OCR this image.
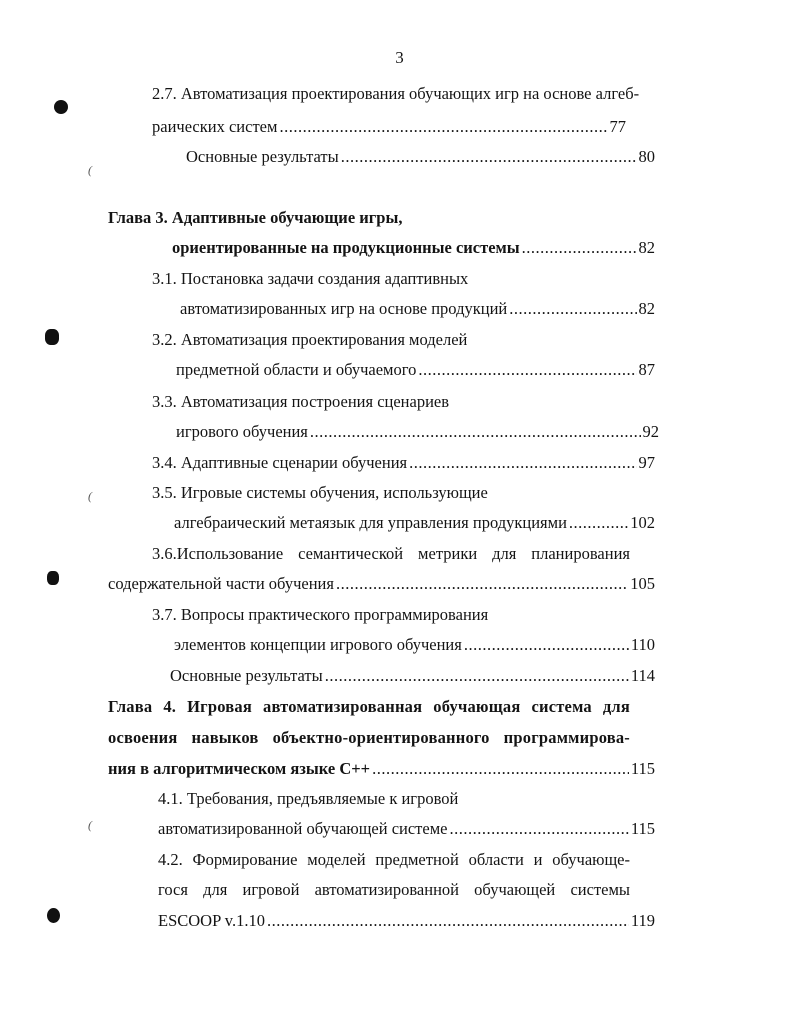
3
2.7. Автоматизация проектирования обучающих игр на основе алгеб-
раических систем .....	77
Основные результаты .....	80
Глава 3. Адаптивные обучающие игры,
ориентированные на продукционные системы .....	82
3.1. Постановка задачи создания адаптивных
автоматизированных игр на основе продукций .....	82
3.2. Автоматизация проектирования моделей
предметной области и обучаемого .....	87
3.3. Автоматизация построения сценариев
игрового обучения .....	92
3.4. Адаптивные сценарии обучения .....	97
3.5. Игровые системы обучения, использующие
алгебраический метаязык для управления продукциями .....	102
3.6.Использование семантической метрики для планирования
содержательной части обучения .....	105
3.7. Вопросы практического программирования
элементов концепции игрового обучения .....	110
Основные результаты .....	114
Глава 4. Игровая автоматизированная обучающая система для
освоения навыков объектно-ориентированного программирова-
ния в алгоритмическом языке С++ .....	115
4.1. Требования, предъявляемые к игровой
автоматизированной обучающей системе .....	115
4.2. Формирование моделей предметной области и обучающе-
гося для игровой автоматизированной обучающей системы
ESCOOP v.1.10 .....	119
(
(
(
